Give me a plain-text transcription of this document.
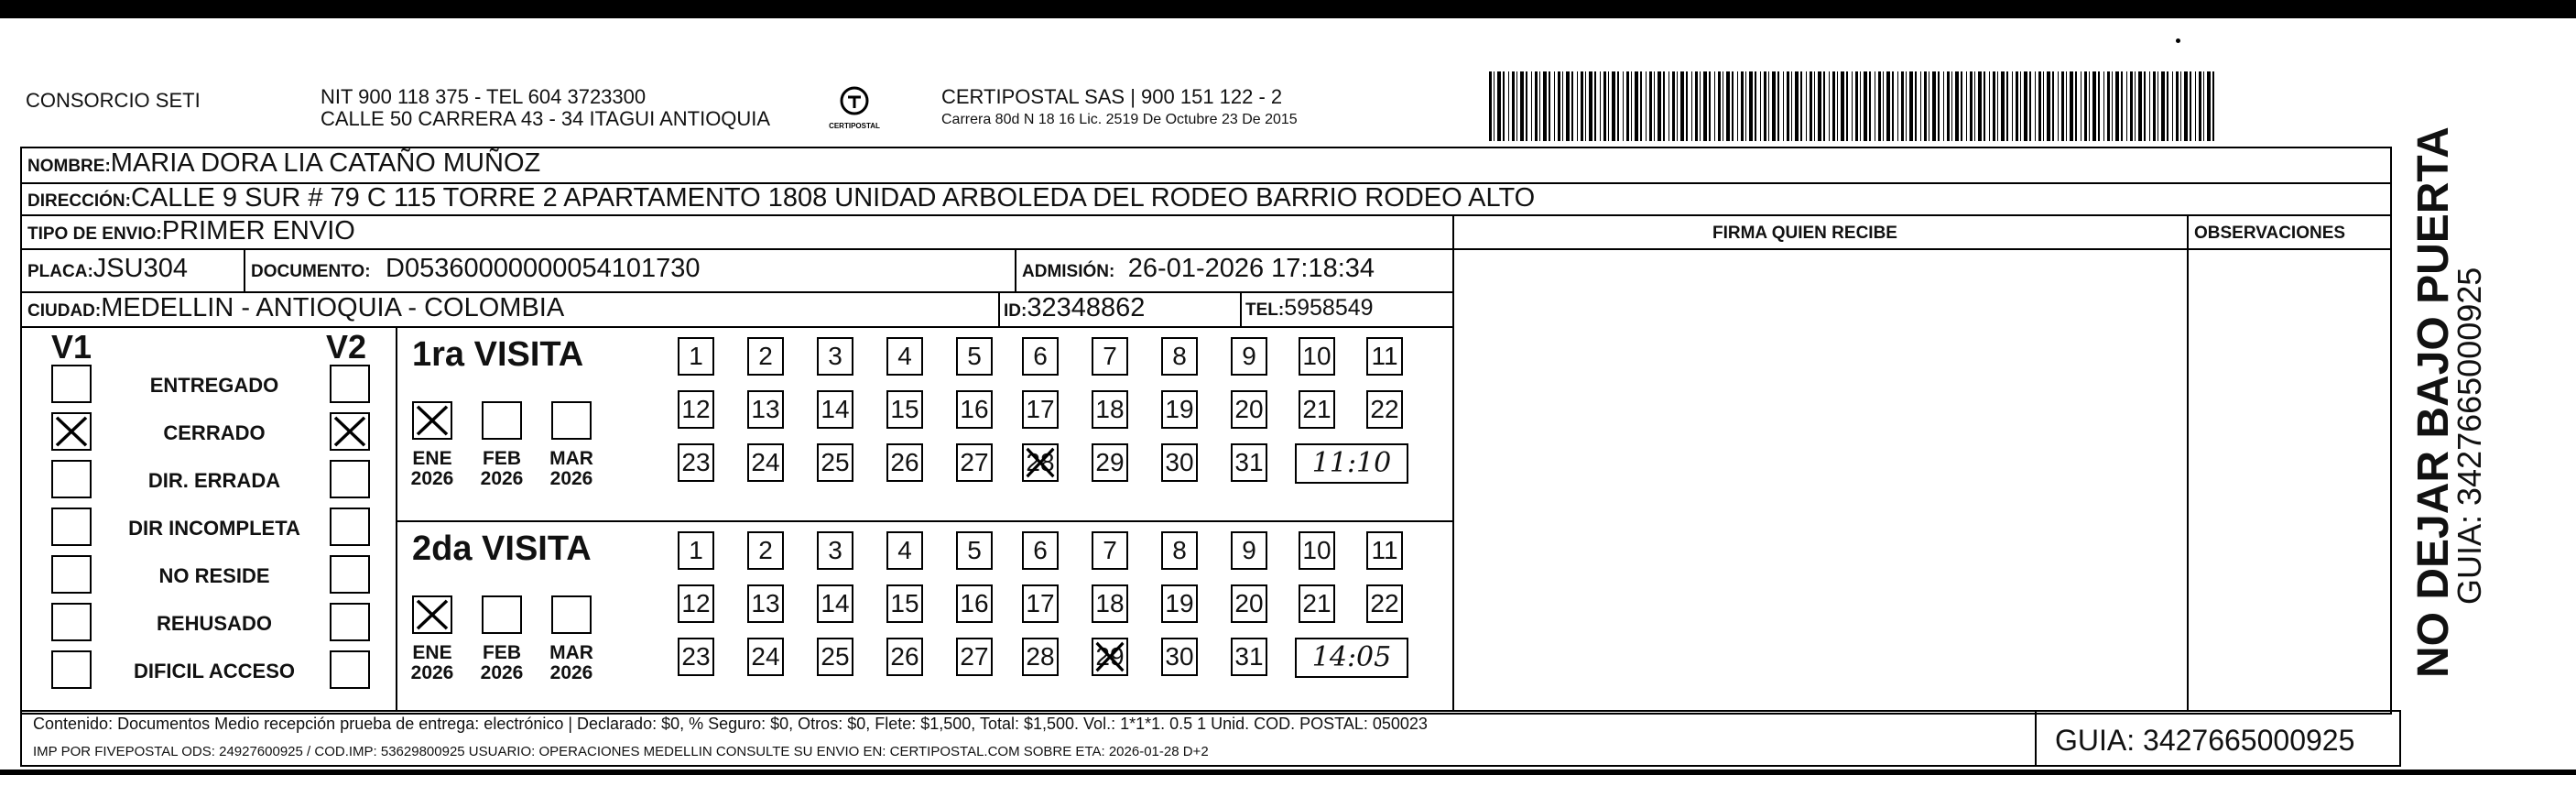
CONSORCIO SETI	NIT 900 118 375 - TEL 604 3723300
CALLE 50 CARRERA 43 - 34 ITAGUI ANTIOQUIA	CERTIPOSTAL
CERTIPOSTAL SAS | 900 151 122 - 2
Carrera 80d N 18 16 Lic. 2519 De Octubre 23 De 2015
NOMBRE:MARIA DORA LIA CATAÑO MUÑOZ
DIRECCIÓN:CALLE 9 SUR # 79 C 115 TORRE 2 APARTAMENTO 1808 UNIDAD ARBOLEDA DEL RODEO BARRIO RODEO ALTO
TIPO DE ENVIO:PRIMER ENVIO	FIRMA QUIEN RECIBE	OBSERVACIONES
PLACA:JSU304	DOCUMENTO: D05360000000054101730	ADMISIÓN: 26-01-2026 17:18:34
CIUDAD:MEDELLIN - ANTIOQUIA - COLOMBIA	ID:32348862	TEL:5958549
V1	V2
ENTREGADO
CERRADO
DIR. ERRADA
DIR INCOMPLETA
NO RESIDE
REHUSADO
DIFICIL ACCESO
1ra VISITA
ENE
2026
FEB
2026
MAR
2026
1	2	3	4	5	6	7	8	9	10 11
12 13 14 15 16 17 18 19 20 21 22
23 24 25 26 27 28 29 30 31	11:10
2da VISITA
ENE
2026
FEB
2026
MAR
2026
1	2	3	4	5	6	7	8	9	10 11
12 13 14 15 16 17 18 19 20 21 22
23 24 25 26 27 28 29 30 31	14:05
Contenido: Documentos Medio recepción prueba de entrega: electrónico | Declarado: $0, % Seguro: $0, Otros: $0, Flete: $1,500, Total: $1,500. Vol.: 1*1*1. 0.5 1 Unid. COD. POSTAL: 050023
IMP POR FIVEPOSTAL ODS: 24927600925 / COD.IMP: 53629800925 USUARIO: OPERACIONES MEDELLIN CONSULTE SU ENVIO EN: CERTIPOSTAL.COM SOBRE ETA: 2026-01-28 D+2	GUIA: 3427665000925
NO DEJAR BAJO PUERTA
GUIA: 3427665000925
